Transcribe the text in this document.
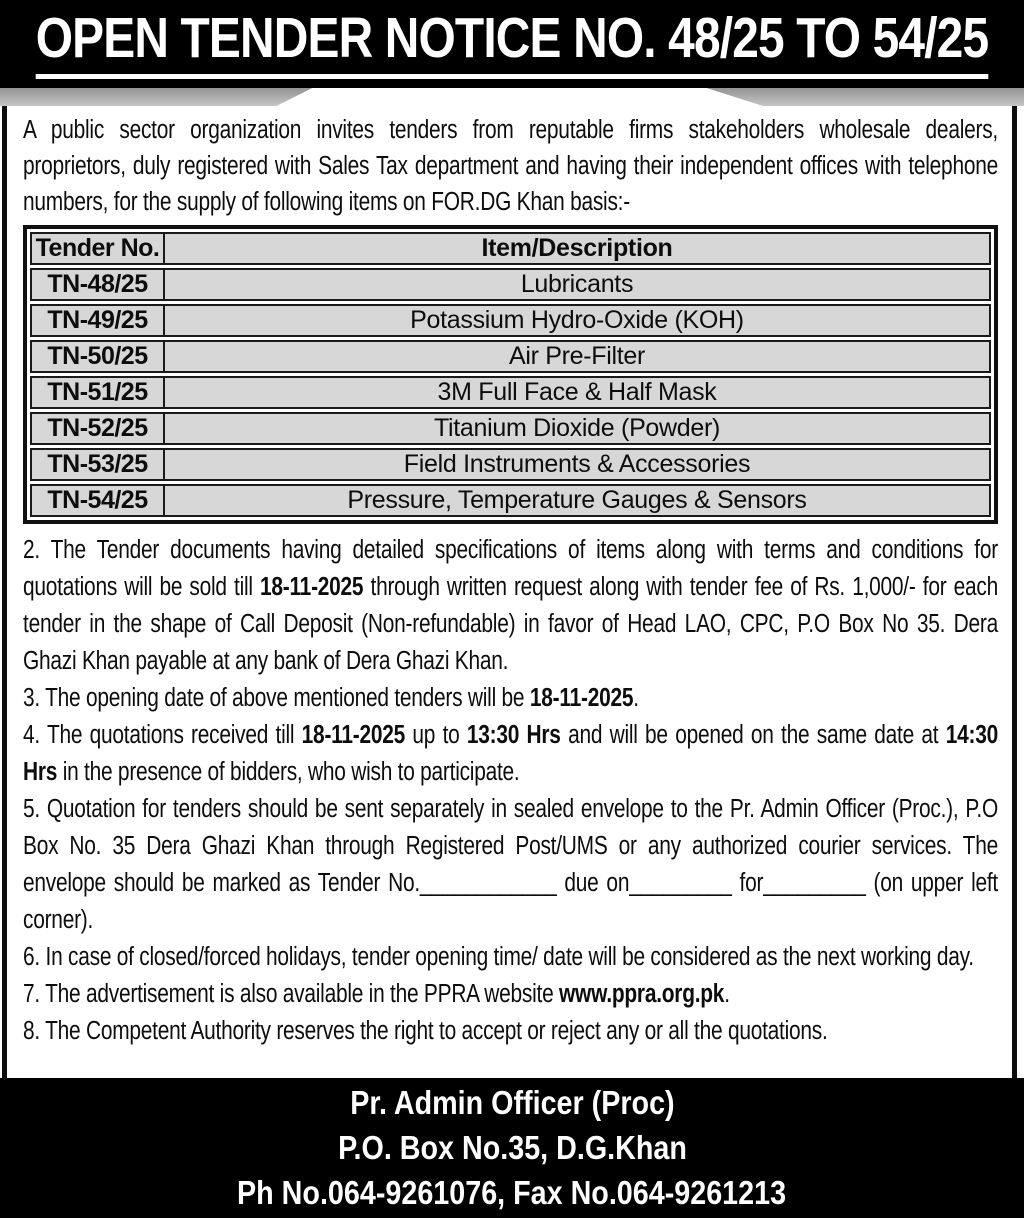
OPEN TENDER NOTICE NO. 48/25 TO 54/25

A public sector organization invites tenders from reputable firms stakeholders wholesale dealers, proprietors, duly registered with Sales Tax department and having their independent offices with telephone numbers, for the supply of following items on FOR.DG Khan basis:-

Tender No.	Item/Description
TN-48/25	Lubricants
TN-49/25	Potassium Hydro-Oxide (KOH)
TN-50/25	Air Pre-Filter
TN-51/25	3M Full Face & Half Mask
TN-52/25	Titanium Dioxide (Powder)
TN-53/25	Field Instruments & Accessories
TN-54/25	Pressure, Temperature Gauges & Sensors

2. The Tender documents having detailed specifications of items along with terms and conditions for quotations will be sold till 18-11-2025 through written request along with tender fee of Rs. 1,000/- for each tender in the shape of Call Deposit (Non-refundable) in favor of Head LAO, CPC, P.O Box No 35. Dera Ghazi Khan payable at any bank of Dera Ghazi Khan.

3. The opening date of above mentioned tenders will be 18-11-2025.

4. The quotations received till 18-11-2025 up to 13:30 Hrs and will be opened on the same date at 14:30 Hrs in the presence of bidders, who wish to participate.

5. Quotation for tenders should be sent separately in sealed envelope to the Pr. Admin Officer (Proc.), P.O Box No. 35 Dera Ghazi Khan through Registered Post/UMS or any authorized courier services. The envelope should be marked as Tender No.____________ due on_________ for_________ (on upper left corner).

6. In case of closed/forced holidays, tender opening time/ date will be considered as the next working day.

7. The advertisement is also available in the PPRA website www.ppra.org.pk.

8. The Competent Authority reserves the right to accept or reject any or all the quotations.

Pr. Admin Officer (Proc)
P.O. Box No.35, D.G.Khan
Ph No.064-9261076, Fax No.064-9261213
